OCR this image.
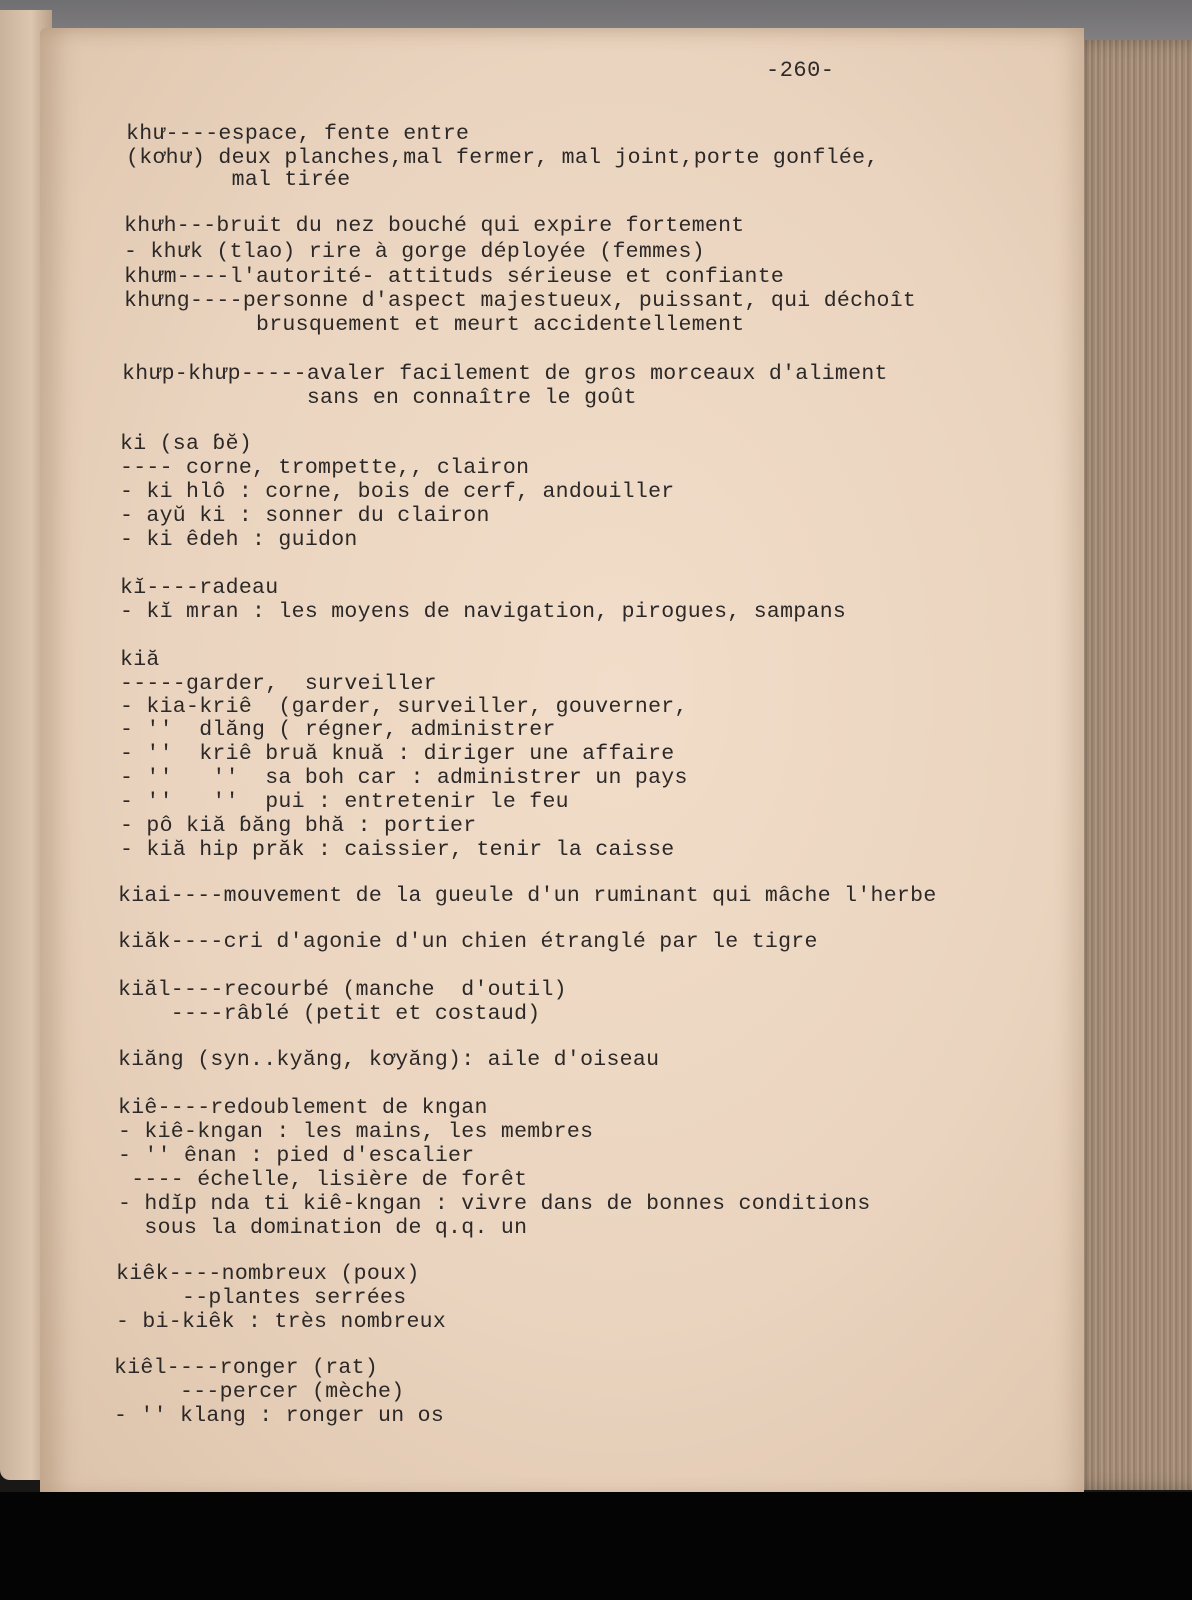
-260-
khư----espace, fente entre
(kơhư) deux planches,mal fermer, mal joint,porte gonflée,
mal tirée
khưh---bruit du nez bouché qui expire fortement
- khưk (tlao) rire à gorge déployée (femmes)
khưm----l'autorité- attituds sérieuse et confiante
khưng----personne d'aspect majestueux, puissant, qui déchoît
brusquement et meurt accidentellement
khưp-khưp-----avaler facilement de gros morceaux d'aliment
sans en connaître le goût
ki (sa ɓĕ)
---- corne, trompette,, clairon
- ki hlô : corne, bois de cerf, andouiller
- ayŭ ki : sonner du clairon
- ki êdeh : guidon
kĭ----radeau
- kĭ mran : les moyens de navigation, pirogues, sampans
kiă
-----garder,  surveiller
- kia-kriê  (garder, surveiller, gouverner,
- ''  dlăng ( régner, administrer
- ''  kriê bruă knuă : diriger une affaire
- ''   ''  sa boh car : administrer un pays
- ''   ''  pui : entretenir le feu
- pô kiă ɓăng bhă : portier
- kiă hip prăk : caissier, tenir la caisse
kiai----mouvement de la gueule d'un ruminant qui mâche l'herbe
kiăk----cri d'agonie d'un chien étranglé par le tigre
kiăl----recourbé (manche  d'outil)
----râblé (petit et costaud)
kiăng (syn..kyăng, kơyăng): aile d'oiseau
kiê----redoublement de kngan
- kiê-kngan : les mains, les membres
- '' ênan : pied d'escalier
---- échelle, lisière de forêt
- hdĭp nda ti kiê-kngan : vivre dans de bonnes conditions
sous la domination de q.q. un
kiêk----nombreux (poux)
--plantes serrées
- bi-kiêk : très nombreux
kiêl----ronger (rat)
---percer (mèche)
- '' klang : ronger un os
